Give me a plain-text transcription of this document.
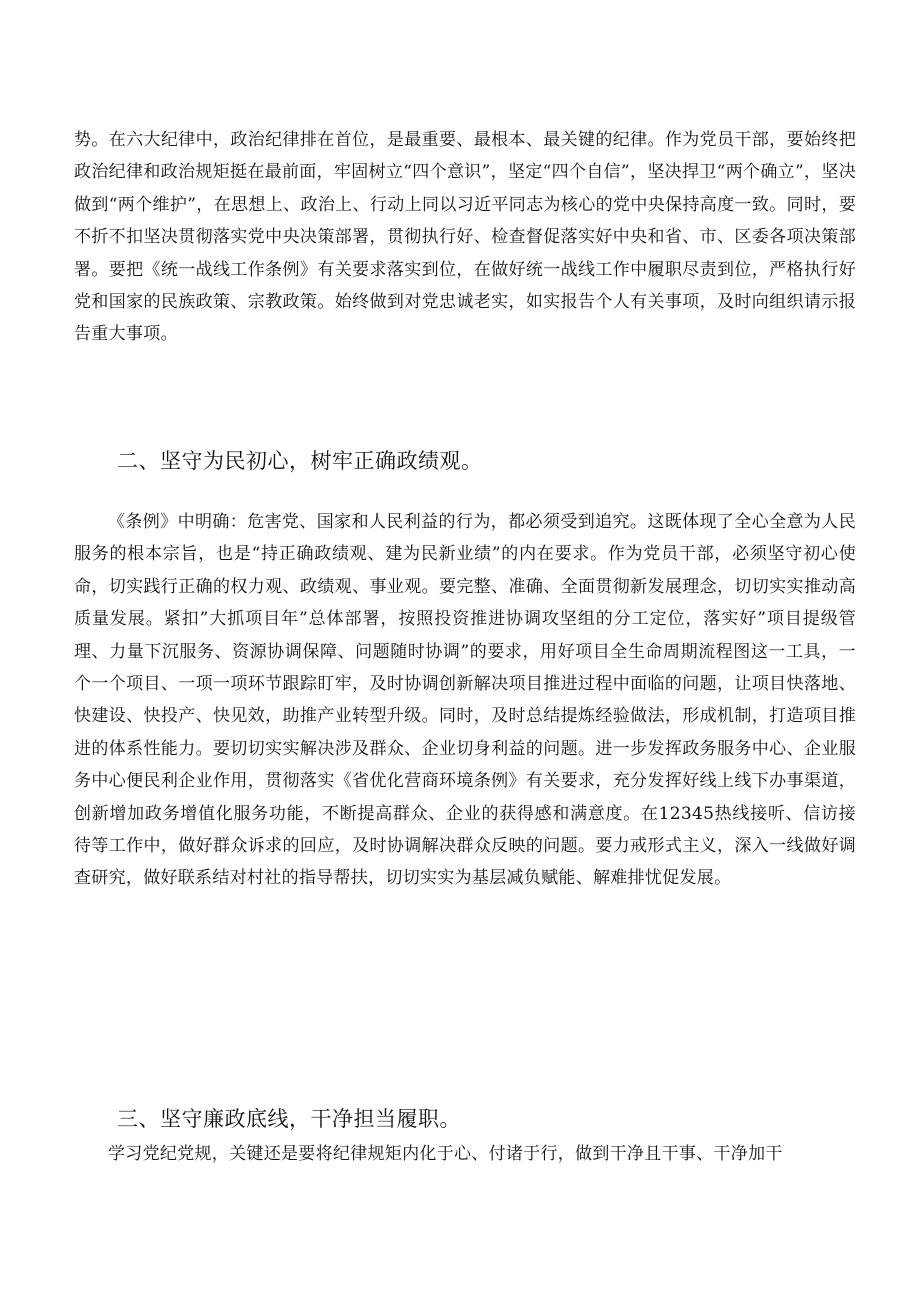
势。在六大纪律中，政治纪律排在首位，是最重要、最根本、最关键的纪律。作为党员干部，要始终把政治纪律和政治规矩挺在最前面，牢固树立“四个意识”，坚定“四个自信”，坚决捍卫“两个确立”，坚决做到“两个维护”，在思想上、政治上、行动上同以习近平同志为核心的党中央保持高度一致。同时，要不折不扣坚决贯彻落实党中央决策部署，贯彻执行好、检查督促落实好中央和省、市、区委各项决策部署。要把《统一战线工作条例》有关要求落实到位，在做好统一战线工作中履职尽责到位，严格执行好党和国家的民族政策、宗教政策。始终做到对党忠诚老实，如实报告个人有关事项，及时向组织请示报告重大事项。

二、坚守为民初心，树牢正确政绩观。

《条例》中明确：危害党、国家和人民利益的行为，都必须受到追究。这既体现了全心全意为人民服务的根本宗旨，也是“持正确政绩观、建为民新业绩”的内在要求。作为党员干部，必须坚守初心使命，切实践行正确的权力观、政绩观、事业观。要完整、准确、全面贯彻新发展理念，切切实实推动高质量发展。紧扣”大抓项目年”总体部署，按照投资推进协调攻坚组的分工定位，落实好”项目提级管理、力量下沉服务、资源协调保障、问题随时协调”的要求，用好项目全生命周期流程图这一工具，一个一个项目、一项一项环节跟踪盯牢，及时协调创新解决项目推进过程中面临的问题，让项目快落地、快建设、快投产、快见效，助推产业转型升级。同时，及时总结提炼经验做法，形成机制，打造项目推进的体系性能力。要切切实实解决涉及群众、企业切身利益的问题。进一步发挥政务服务中心、企业服务中心便民利企业作用，贯彻落实《省优化营商环境条例》有关要求，充分发挥好线上线下办事渠道，创新增加政务增值化服务功能，不断提高群众、企业的获得感和满意度。在12345热线接听、信访接待等工作中，做好群众诉求的回应，及时协调解决群众反映的问题。要力戒形式主义，深入一线做好调查研究，做好联系结对村社的指导帮扶，切切实实为基层减负赋能、解难排忧促发展。

三、坚守廉政底线，干净担当履职。

学习党纪党规，关键还是要将纪律规矩内化于心、付诸于行，做到干净且干事、干净加干
